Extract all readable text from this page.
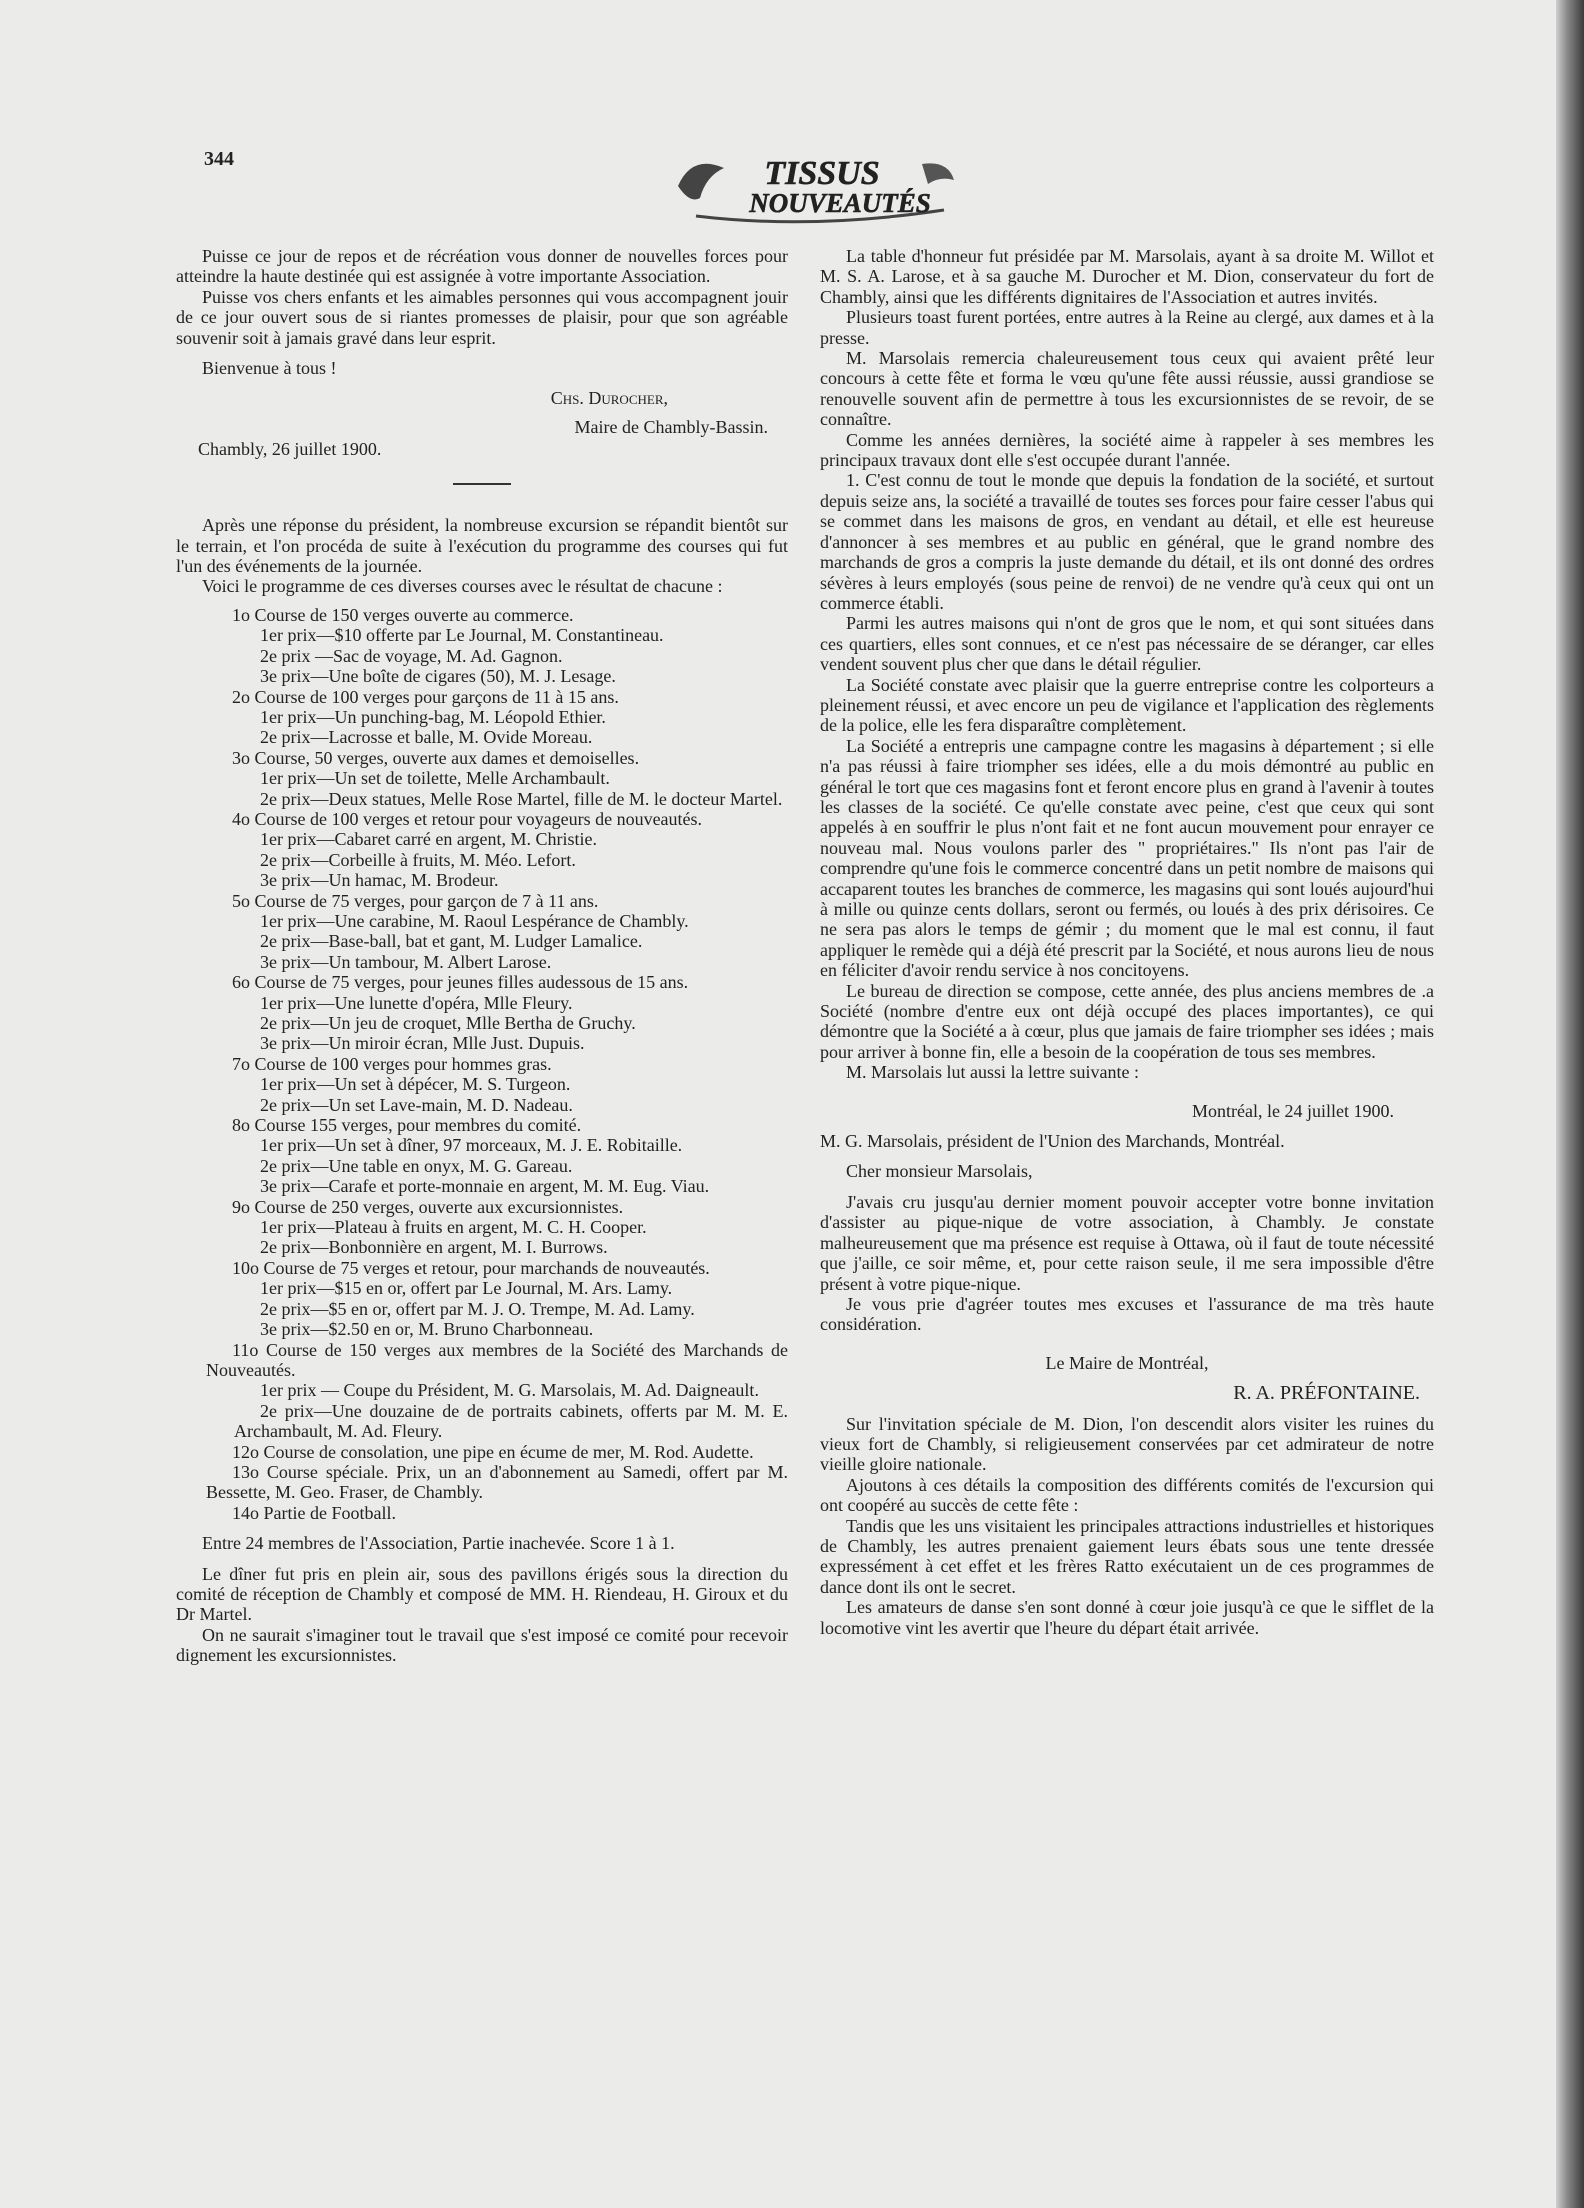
344	TISSUS
NOUVEAUTÉS

Puisse ce jour de repos et de récréation vous donner de nouvelles forces pour atteindre la haute destinée qui est assignée à votre importante Association.

Puisse vos chers enfants et les aimables personnes qui vous accompagnent jouir de ce jour ouvert sous de si riantes promesses de plaisir, pour que son agréable souvenir soit à jamais gravé dans leur esprit.

Bienvenue à tous !

Chs. Durocher,

Chambly, 26 juillet 1900.
Maire de Chambly-Bassin.

Après une réponse du président, la nombreuse excursion se répandit bientôt sur le terrain, et l'on procéda de suite à l'exécution du programme des courses qui fut l'un des événements de la journée.

Voici le programme de ces diverses courses avec le résultat de chacune :

1o Course de 150 verges ouverte au commerce.

1er prix—$10 offerte par Le Journal, M. Constantineau.

2e prix —Sac de voyage, M. Ad. Gagnon.

3e prix—Une boîte de cigares (50), M. J. Lesage.

2o Course de 100 verges pour garçons de 11 à 15 ans.

1er prix—Un punching-bag, M. Léopold Ethier.

2e prix—Lacrosse et balle, M. Ovide Moreau.

3o Course, 50 verges, ouverte aux dames et demoiselles.

1er prix—Un set de toilette, Melle Archambault.

2e prix—Deux statues, Melle Rose Martel, fille de M. le docteur Martel.

4o Course de 100 verges et retour pour voyageurs de nouveautés.

1er prix—Cabaret carré en argent, M. Christie.

2e prix—Corbeille à fruits, M. Méo. Lefort.

3e prix—Un hamac, M. Brodeur.

5o Course de 75 verges, pour garçon de 7 à 11 ans.

1er prix—Une carabine, M. Raoul Lespérance de Chambly.

2e prix—Base-ball, bat et gant, M. Ludger Lamalice.

3e prix—Un tambour, M. Albert Larose.

6o Course de 75 verges, pour jeunes filles audessous de 15 ans.

1er prix—Une lunette d'opéra, Mlle Fleury.

2e prix—Un jeu de croquet, Mlle Bertha de Gruchy.

3e prix—Un miroir écran, Mlle Just. Dupuis.

7o Course de 100 verges pour hommes gras.

1er prix—Un set à dépécer, M. S. Turgeon.

2e prix—Un set Lave-main, M. D. Nadeau.

8o Course 155 verges, pour membres du comité.

1er prix—Un set à dîner, 97 morceaux, M. J. E. Robitaille.

2e prix—Une table en onyx, M. G. Gareau.

3e prix—Carafe et porte-monnaie en argent, M. M. Eug. Viau.

9o Course de 250 verges, ouverte aux excursionnistes.

1er prix—Plateau à fruits en argent, M. C. H. Cooper.

2e prix—Bonbonnière en argent, M. I. Burrows.

10o Course de 75 verges et retour, pour marchands de nouveautés.

1er prix—$15 en or, offert par Le Journal, M. Ars. Lamy.

2e prix—$5 en or, offert par M. J. O. Trempe, M. Ad. Lamy.

3e prix—$2.50 en or, M. Bruno Charbonneau.

11o Course de 150 verges aux membres de la Société des Marchands de Nouveautés.

1er prix — Coupe du Président, M. G. Marsolais, M. Ad. Daigneault.

2e prix—Une douzaine de de portraits cabinets, offerts par M. M. E. Archambault, M. Ad. Fleury.

12o Course de consolation, une pipe en écume de mer, M. Rod. Audette.

13o Course spéciale. Prix, un an d'abonnement au Samedi, offert par M. Bessette, M. Geo. Fraser, de Chambly.

14o Partie de Football.

Entre 24 membres de l'Association, Partie inachevée. Score 1 à 1.

Le dîner fut pris en plein air, sous des pavillons érigés sous la direction du comité de réception de Chambly et composé de MM. H. Riendeau, H. Giroux et du Dr Martel.

On ne saurait s'imaginer tout le travail que s'est imposé ce comité pour recevoir dignement les excursionnistes.

La table d'honneur fut présidée par M. Marsolais, ayant à sa droite M. Willot et M. S. A. Larose, et à sa gauche M. Durocher et M. Dion, conservateur du fort de Chambly, ainsi que les différents dignitaires de l'Association et autres invités.

Plusieurs toast furent portées, entre autres à la Reine au clergé, aux dames et à la presse.

M. Marsolais remercia chaleureusement tous ceux qui avaient prêté leur concours à cette fête et forma le vœu qu'une fête aussi réussie, aussi grandiose se renouvelle souvent afin de permettre à tous les excursionnistes de se revoir, de se connaître.

Comme les années dernières, la société aime à rappeler à ses membres les principaux travaux dont elle s'est occupée durant l'année.

1. C'est connu de tout le monde que depuis la fondation de la société, et surtout depuis seize ans, la société a travaillé de toutes ses forces pour faire cesser l'abus qui se commet dans les maisons de gros, en vendant au détail, et elle est heureuse d'annoncer à ses membres et au public en général, que le grand nombre des marchands de gros a compris la juste demande du détail, et ils ont donné des ordres sévères à leurs employés (sous peine de renvoi) de ne vendre qu'à ceux qui ont un commerce établi.

Parmi les autres maisons qui n'ont de gros que le nom, et qui sont situées dans ces quartiers, elles sont connues, et ce n'est pas nécessaire de se déranger, car elles vendent souvent plus cher que dans le détail régulier.

La Société constate avec plaisir que la guerre entreprise contre les colporteurs a pleinement réussi, et avec encore un peu de vigilance et l'application des règlements de la police, elle les fera disparaître complètement.

La Société a entrepris une campagne contre les magasins à département ; si elle n'a pas réussi à faire triompher ses idées, elle a du mois démontré au public en général le tort que ces magasins font et feront encore plus en grand à l'avenir à toutes les classes de la société. Ce qu'elle constate avec peine, c'est que ceux qui sont appelés à en souffrir le plus n'ont fait et ne font aucun mouvement pour enrayer ce nouveau mal. Nous voulons parler des " propriétaires." Ils n'ont pas l'air de comprendre qu'une fois le commerce concentré dans un petit nombre de maisons qui accaparent toutes les branches de commerce, les magasins qui sont loués aujourd'hui à mille ou quinze cents dollars, seront ou fermés, ou loués à des prix dérisoires. Ce ne sera pas alors le temps de gémir ; du moment que le mal est connu, il faut appliquer le remède qui a déjà été prescrit par la Société, et nous aurons lieu de nous en féliciter d'avoir rendu service à nos concitoyens.

Le bureau de direction se compose, cette année, des plus anciens membres de .a Société (nombre d'entre eux ont déjà occupé des places importantes), ce qui démontre que la Société a à cœur, plus que jamais de faire triompher ses idées ; mais pour arriver à bonne fin, elle a besoin de la coopération de tous ses membres.

M. Marsolais lut aussi la lettre suivante :

Montréal, le 24 juillet 1900.

M. G. Marsolais, président de l'Union des Marchands, Montréal.

Cher monsieur Marsolais,

J'avais cru jusqu'au dernier moment pouvoir accepter votre bonne invitation d'assister au pique-nique de votre association, à Chambly. Je constate malheureusement que ma présence est requise à Ottawa, où il faut de toute nécessité que j'aille, ce soir même, et, pour cette raison seule, il me sera impossible d'être présent à votre pique-nique.

Je vous prie d'agréer toutes mes excuses et l'assurance de ma très haute considération.

Le Maire de Montréal,

R. A. PRÉFONTAINE.

Sur l'invitation spéciale de M. Dion, l'on descendit alors visiter les ruines du vieux fort de Chambly, si religieusement conservées par cet admirateur de notre vieille gloire nationale.

Ajoutons à ces détails la composition des différents comités de l'excursion qui ont coopéré au succès de cette fête :

Tandis que les uns visitaient les principales attractions industrielles et historiques de Chambly, les autres prenaient gaiement leurs ébats sous une tente dressée expressément à cet effet et les frères Ratto exécutaient un de ces programmes de dance dont ils ont le secret.

Les amateurs de danse s'en sont donné à cœur joie jusqu'à ce que le sifflet de la locomotive vint les avertir que l'heure du départ était arrivée.
